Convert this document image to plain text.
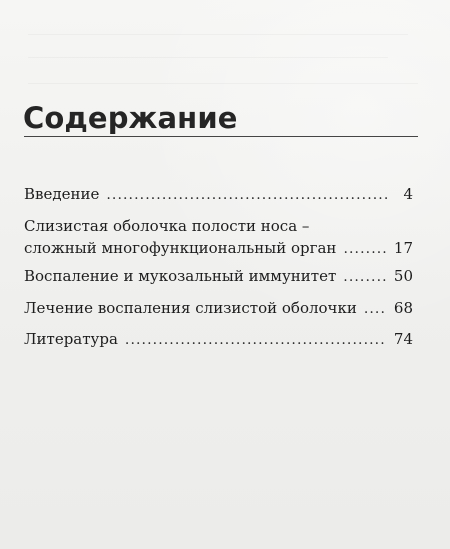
Содержание
Введение .....	4
Слизистая оболочка полости носа –
сложный многофункциональный орган .....	17
Воспаление и мукозальный иммунитет .....	50
Лечение воспаления слизистой оболочки ..... 68
Литература .....	74
